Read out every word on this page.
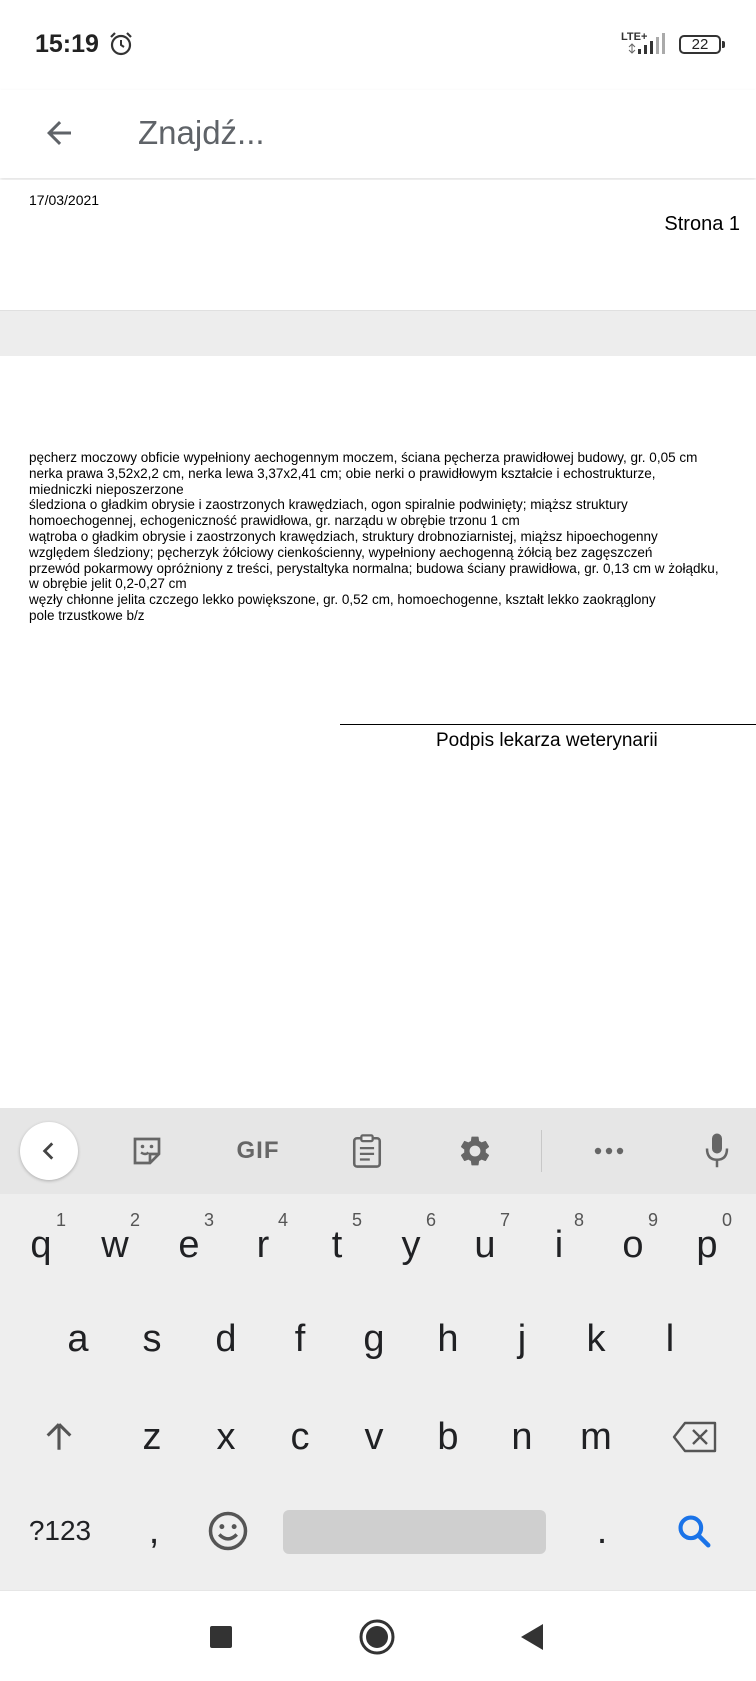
15:19	LTE+	22
Znajdź...
17/03/2021
Strona 1
pęcherz moczowy obficie wypełniony aechogennym moczem, ściana pęcherza prawidłowej budowy, gr. 0,05 cm
nerka prawa 3,52x2,2 cm, nerka lewa 3,37x2,41 cm; obie nerki o prawidłowym kształcie i echostrukturze,
miedniczki nieposzerzone
śledziona o gładkim obrysie i zaostrzonych krawędziach, ogon spiralnie podwinięty; miąższ struktury
homoechogennej, echogeniczność prawidłowa, gr. narządu w obrębie trzonu 1 cm
wątroba o gładkim obrysie i zaostrzonych krawędziach, struktury drobnoziarnistej, miąższ hipoechogenny
względem śledziony; pęcherzyk żółciowy cienkościenny, wypełniony aechogenną żółcią bez zagęszczeń
przewód pokarmowy opróżniony z treści, perystaltyka normalna; budowa ściany prawidłowa, gr. 0,13 cm w żołądku,
w obrębie jelit 0,2-0,27 cm
węzły chłonne jelita czczego lekko powiększone, gr. 0,52 cm, homoechogenne, kształt lekko zaokrąglony
pole trzustkowe b/z
Podpis lekarza weterynarii
GIF
q
1
w
2
e
3
r
4
t
5
y
6
u
7
i
8
o
9
p
0
a	s	d	f	g	h	j	k	l
z	x	c	v	b	n	m
?123	,	.
